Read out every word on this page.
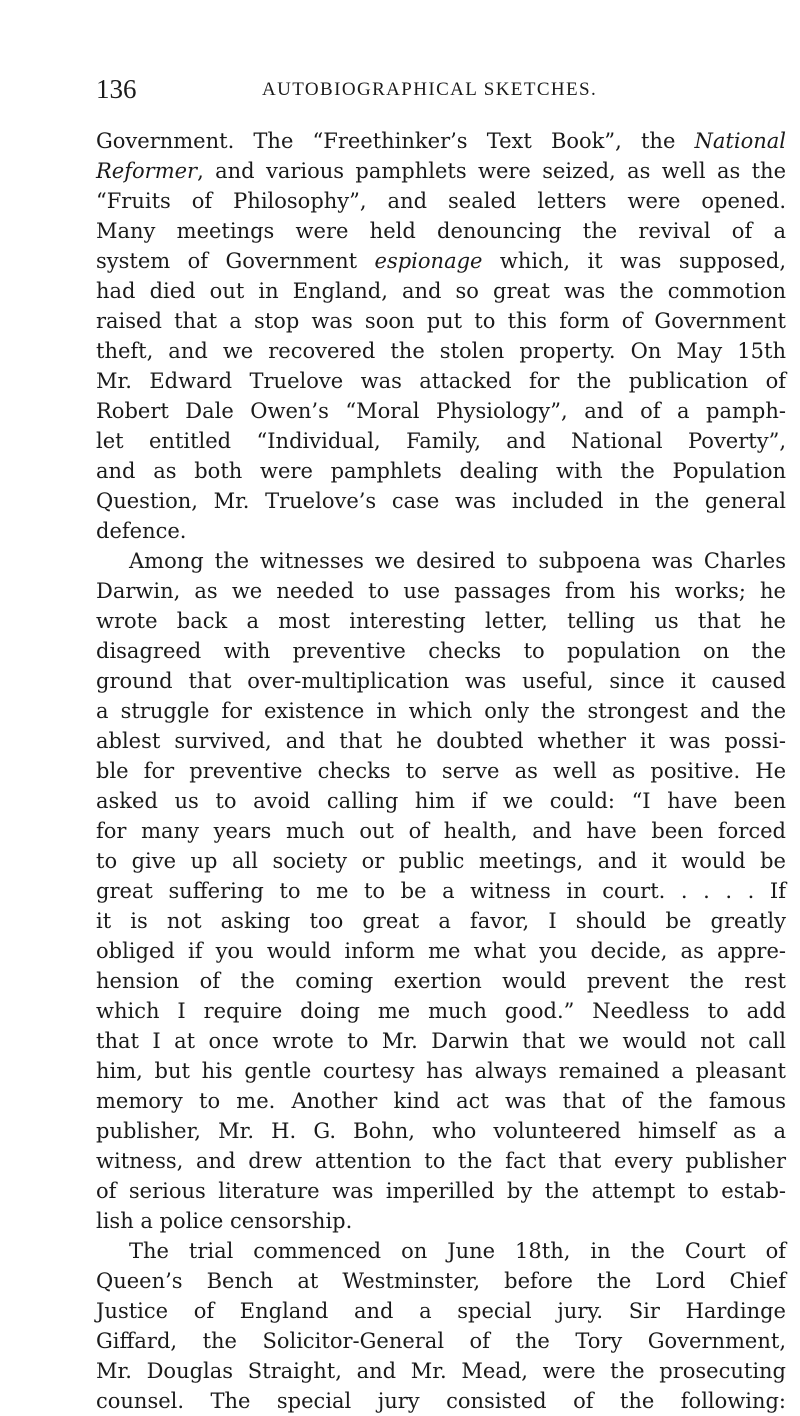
136	AUTOBIOGRAPHICAL SKETCHES.
Government. The “Freethinker’s Text Book”, the National
Reformer, and various pamphlets were seized, as well as the
“Fruits of Philosophy”, and sealed letters were opened.
Many meetings were held denouncing the revival of a
system of Government espionage which, it was supposed,
had died out in England, and so great was the commotion
raised that a stop was soon put to this form of Government
theft, and we recovered the stolen property. On May 15th
Mr. Edward Truelove was attacked for the publication of
Robert Dale Owen’s “Moral Physiology”, and of a pamph-
let entitled “Individual, Family, and National Poverty”,
and as both were pamphlets dealing with the Population
Question, Mr. Truelove’s case was included in the general
defence.
Among the witnesses we desired to subpoena was Charles
Darwin, as we needed to use passages from his works; he
wrote back a most interesting letter, telling us that he
disagreed with preventive checks to population on the
ground that over-multiplication was useful, since it caused
a struggle for existence in which only the strongest and the
ablest survived, and that he doubted whether it was possi-
ble for preventive checks to serve as well as positive. He
asked us to avoid calling him if we could: “I have been
for many years much out of health, and have been forced
to give up all society or public meetings, and it would be
great suffering to me to be a witness in court. . . . . If
it is not asking too great a favor, I should be greatly
obliged if you would inform me what you decide, as appre-
hension of the coming exertion would prevent the rest
which I require doing me much good.” Needless to add
that I at once wrote to Mr. Darwin that we would not call
him, but his gentle courtesy has always remained a pleasant
memory to me. Another kind act was that of the famous
publisher, Mr. H. G. Bohn, who volunteered himself as a
witness, and drew attention to the fact that every publisher
of serious literature was imperilled by the attempt to estab-
lish a police censorship.
The trial commenced on June 18th, in the Court of
Queen’s Bench at Westminster, before the Lord Chief
Justice of England and a special jury. Sir Hardinge
Giffard, the Solicitor-General of the Tory Government,
Mr. Douglas Straight, and Mr. Mead, were the prosecuting
counsel. The special jury consisted of the following:
